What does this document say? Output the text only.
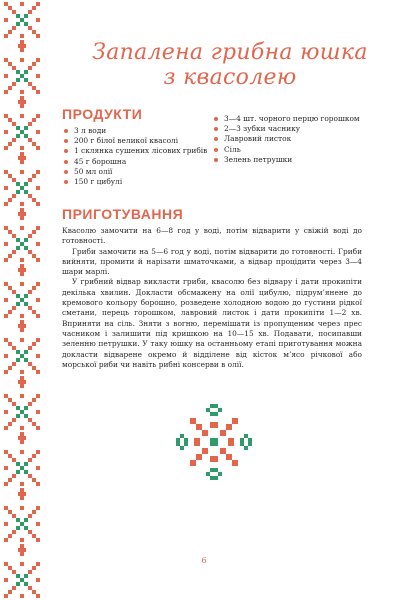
Запалена грибна юшка
з квасолею
ПРОДУКТИ
3 л води
200 г білої великої квасолі
1 склянка сушених лісових грибів
45 г борошна
50 мл олії
150 г цибулі
3—4 шт. чорного перцю горошком
2—3 зубки часнику
Лавровий листок
Сіль
Зелень петрушки
ПРИГОТУВАННЯ

Квасолю замочити на 6—8 год у воді, потім відварити у свіжій воді до готовності.

Гриби замочити на 5—6 год у воді, потім відварити до готовності. Гриби вийняти, промити й нарізати шматочками, а відвар процідити через 3—4 шари марлі.

У грибний відвар викласти гриби, квасолю без відвару і дати прокипіти декілька хвилин. Докласти обсмажену на олії цибулю, підрум’янене до кремового кольору борошно, розведене холодною водою до густини рідкої сметани, перець горошком, лавровий листок і дати прокипіти 1—2 хв. Вприняти на сіль. Зняти з вогню, перемішати із пропущеним через прес часником і залишити під кришкою на 10—15 хв. Подавати, посипавши зеленню петрушки. У таку юшку на останньому етапі приготування можна докласти відварене окремо й відділене від кісток м’ясо річкової або морської риби чи навіть рибні консерви в олії.

6
